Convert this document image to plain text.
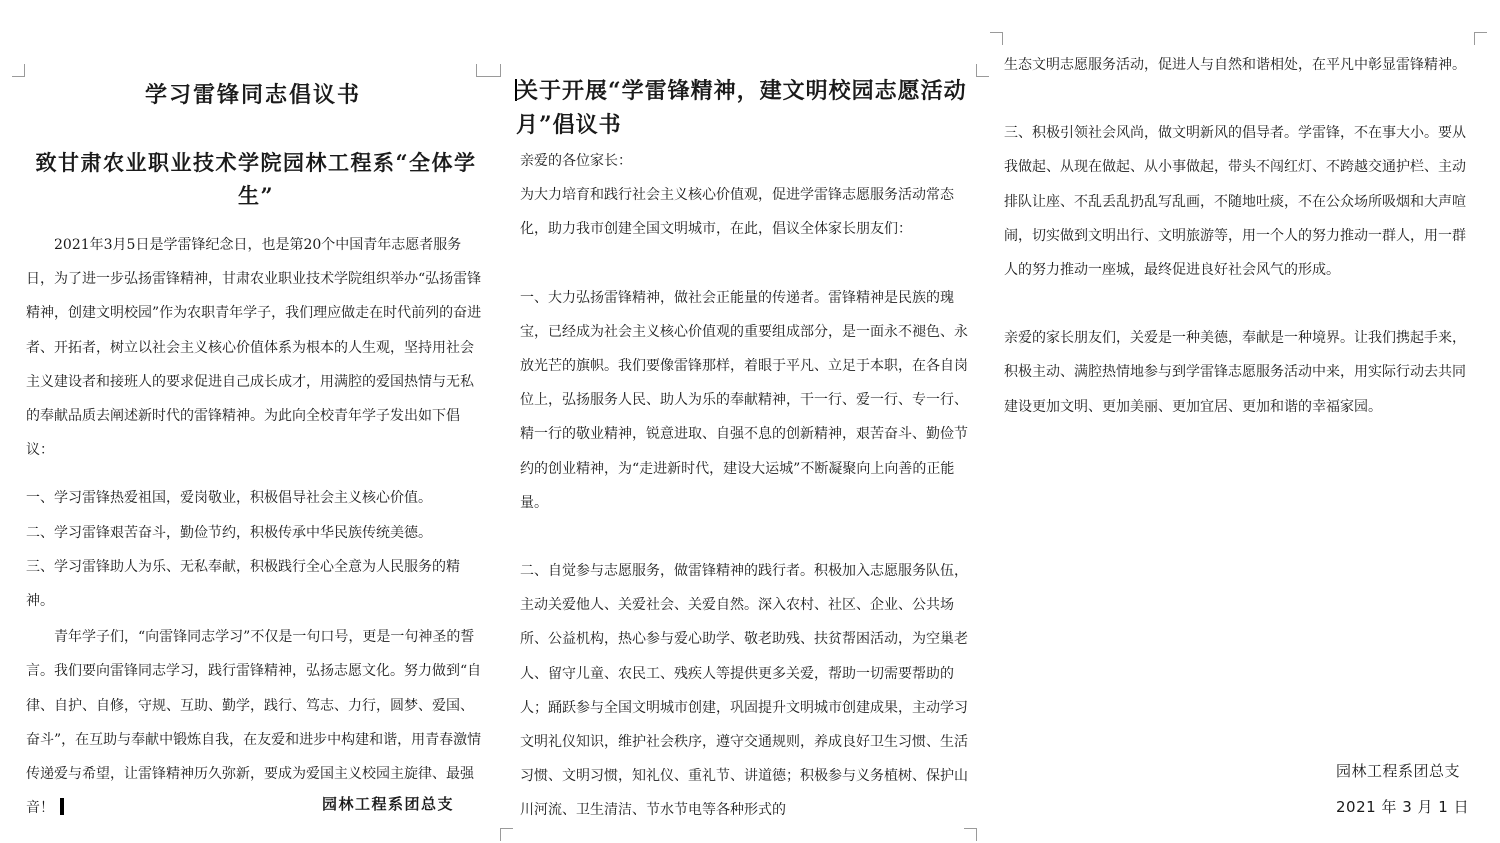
学习雷锋同志倡议书
致甘肃农业职业技术学院园林工程系“全体学生”

2021年3月5日是学雷锋纪念日，也是第20个中国青年志愿者服务日，为了进一步弘扬雷锋精神，甘肃农业职业技术学院组织举办“弘扬雷锋精神，创建文明校园”作为农职青年学子，我们理应做走在时代前列的奋进者、开拓者，树立以社会主义核心价值体系为根本的人生观，坚持用社会主义建设者和接班人的要求促进自己成长成才，用满腔的爱国热情与无私的奉献品质去阐述新时代的雷锋精神。为此向全校青年学子发出如下倡议：

一、学习雷锋热爱祖国，爱岗敬业，积极倡导社会主义核心价值。

二、学习雷锋艰苦奋斗，勤俭节约，积极传承中华民族传统美德。

三、学习雷锋助人为乐、无私奉献，积极践行全心全意为人民服务的精神。

青年学子们，“向雷锋同志学习”不仅是一句口号，更是一句神圣的誓言。我们要向雷锋同志学习，践行雷锋精神，弘扬志愿文化。努力做到“自律、自护、自修，守规、互助、勤学，践行、笃志、力行，圆梦、爱国、奋斗”，在互助与奉献中锻炼自我，在友爱和进步中构建和谐，用青春激情传递爱与希望，让雷锋精神历久弥新，要成为爱国主义校园主旋律、最强音！	园林工程系团总支
关于开展“学雷锋精神，建文明校园志愿活动月”倡议书

亲爱的各位家长：

为大力培育和践行社会主义核心价值观，促进学雷锋志愿服务活动常态化，助力我市创建全国文明城市，在此，倡议全体家长朋友们：

一、大力弘扬雷锋精神，做社会正能量的传递者。雷锋精神是民族的瑰宝，已经成为社会主义核心价值观的重要组成部分，是一面永不褪色、永放光芒的旗帜。我们要像雷锋那样，着眼于平凡、立足于本职，在各自岗位上，弘扬服务人民、助人为乐的奉献精神，干一行、爱一行、专一行、精一行的敬业精神，锐意进取、自强不息的创新精神，艰苦奋斗、勤俭节约的创业精神，为“走进新时代，建设大运城”不断凝聚向上向善的正能量。

二、自觉参与志愿服务，做雷锋精神的践行者。积极加入志愿服务队伍，主动关爱他人、关爱社会、关爱自然。深入农村、社区、企业、公共场所、公益机构，热心参与爱心助学、敬老助残、扶贫帮困活动，为空巢老人、留守儿童、农民工、残疾人等提供更多关爱，帮助一切需要帮助的人；踊跃参与全国文明城市创建，巩固提升文明城市创建成果，主动学习文明礼仪知识，维护社会秩序，遵守交通规则，养成良好卫生习惯、生活习惯、文明习惯，知礼仪、重礼节、讲道德；积极参与义务植树、保护山川河流、卫生清洁、节水节电等各种形式的

生态文明志愿服务活动，促进人与自然和谐相处，在平凡中彰显雷锋精神。

三、积极引领社会风尚，做文明新风的倡导者。学雷锋，不在事大小。要从我做起、从现在做起、从小事做起，带头不闯红灯、不跨越交通护栏、主动排队让座、不乱丢乱扔乱写乱画，不随地吐痰，不在公众场所吸烟和大声喧闹，切实做到文明出行、文明旅游等，用一个人的努力推动一群人，用一群人的努力推动一座城，最终促进良好社会风气的形成。

亲爱的家长朋友们，关爱是一种美德，奉献是一种境界。让我们携起手来，积极主动、满腔热情地参与到学雷锋志愿服务活动中来，用实际行动去共同建设更加文明、更加美丽、更加宜居、更加和谐的幸福家园。

园林工程系团总支
2021 年 3 月 1 日
